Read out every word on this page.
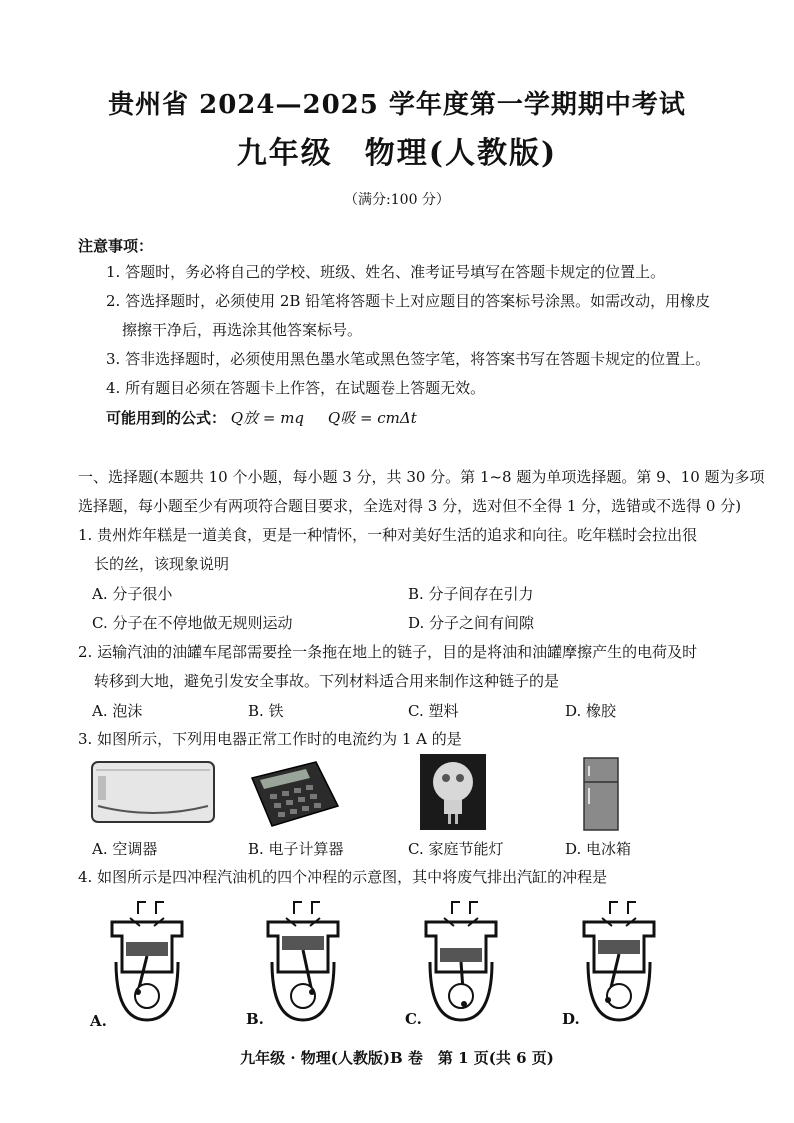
贵州省 2024—2025 学年度第一学期期中考试
九年级　物理(人教版)
（满分:100 分）
注意事项：
1. 答题时，务必将自己的学校、班级、姓名、准考证号填写在答题卡规定的位置上。
2. 答选择题时，必须使用 2B 铅笔将答题卡上对应题目的答案标号涂黑。如需改动，用橡皮
擦擦干净后，再选涂其他答案标号。
3. 答非选择题时，必须使用黑色墨水笔或黑色签字笔，将答案书写在答题卡规定的位置上。
4. 所有题目必须在答题卡上作答，在试题卷上答题无效。
可能用到的公式： Q放 = mq Q吸 = cmΔt
一、选择题(本题共 10 个小题，每小题 3 分，共 30 分。第 1~8 题为单项选择题。第 9、10 题为多项
选择题，每小题至少有两项符合题目要求，全选对得 3 分，选对但不全得 1 分，选错或不选得 0 分)
1. 贵州炸年糕是一道美食，更是一种情怀，一种对美好生活的追求和向往。吃年糕时会拉出很
长的丝，该现象说明
A. 分子很小	B. 分子间存在引力
C. 分子在不停地做无规则运动	D. 分子之间有间隙
2. 运输汽油的油罐车尾部需要拴一条拖在地上的链子，目的是将油和油罐摩擦产生的电荷及时
转移到大地，避免引发安全事故。下列材料适合用来制作这种链子的是
A. 泡沫	B. 铁	C. 塑料	D. 橡胶
3. 如图所示，下列用电器正常工作时的电流约为 1 A 的是
A. 空调器	B. 电子计算器	C. 家庭节能灯	D. 电冰箱
4. 如图所示是四冲程汽油机的四个冲程的示意图，其中将废气排出汽缸的冲程是
A.	B.	C.	D.
九年级 · 物理(人教版)B 卷　第 1 页(共 6 页)
